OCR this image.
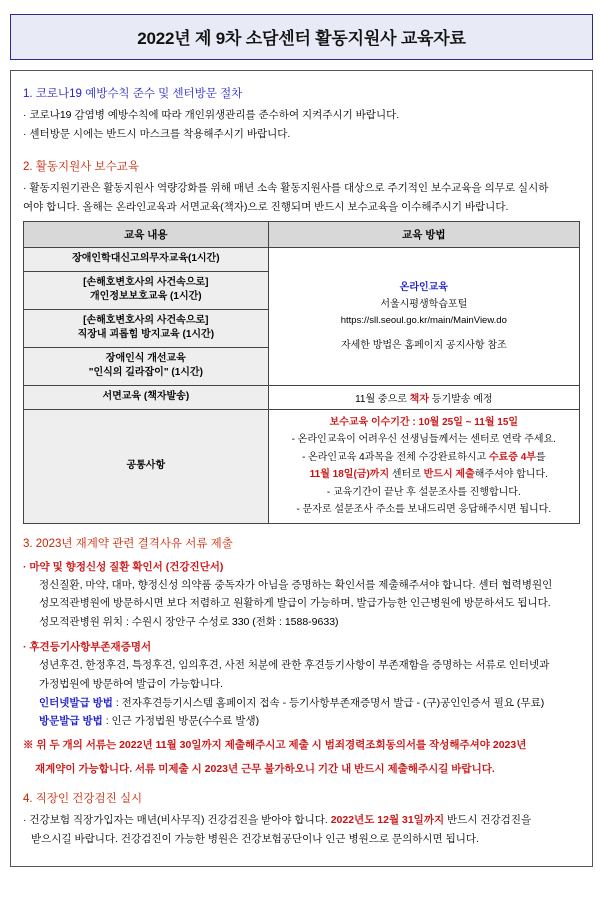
2022년 제 9차 소담센터 활동지원사 교육자료
1. 코로나19 예방수칙 준수 및 센터방문 절차
· 코로나19 감염병 예방수칙에 따라 개인위생관리를 준수하여 지켜주시기 바랍니다.
· 센터방문 시에는 반드시 마스크를 착용해주시기 바랍니다.
2. 활동지원사 보수교육
· 활동지원기관은 활동지원사 역량강화를 위해 매년 소속 활동지원사를 대상으로 주기적인 보수교육을 의무로 실시하
여야 합니다. 올해는 온라인교육과 서면교육(책자)으로 진행되며 반드시 보수교육을 이수해주시기 바랍니다.
교육 내용	교육 방법
장애인학대신고의무자교육(1시간)	온라인교육
서울시평생학습포털
https://sll.seoul.go.kr/main/MainView.do
자세한 방법은 홈페이지 공지사항 참조

[손해호변호사의 사건속으로]
개인정보보호교육 (1시간)	
[손해호변호사의 사건속으로]
직장내 괴롭힘 방지교육 (1시간)	
장애인식 개선교육
"인식의 길라잡이" (1시간)	
서면교육 (책자발송)	11월 중으로 책자 등기발송 예정
공통사항	
보수교육 이수기간 : 10월 25일 ~ 11월 15일
- 온라인교육이 어려우신 선생님들께서는 센터로 연락 주세요.
- 온라인교육 4과목을 전체 수강완료하시고 수료증 4부를
11월 18일(금)까지 센터로 반드시 제출해주셔야 합니다.
- 교육기간이 끝난 후 설문조사를 진행합니다.
- 문자로 설문조사 주소를 보내드리면 응답해주시면 됩니다.
3. 2023년 재계약 관련 결격사유 서류 제출
· 마약 및 향정신성 질환 확인서 (건강진단서)
정신질환, 마약, 대마, 향정신성 의약품 중독자가 아님을 증명하는 확인서를 제출해주셔야 합니다. 센터 협력병원인
성모적관병원에 방문하시면 보다 저렴하고 원활하게 발급이 가능하며, 발급가능한 인근병원에 방문하셔도 됩니다.
성모적관병원 위치 : 수원시 장안구 수성로 330 (전화 : 1588-9633)
· 후견등기사항부존재증명서
성년후견, 한정후견, 특정후견, 임의후견, 사전 처분에 관한 후견등기사항이 부존재함을 증명하는 서류로 인터넷과
가정법원에 방문하여 발급이 가능합니다.
인터넷발급 방법 : 전자후견등기시스템 홈페이지 접속 - 등기사항부존재증명서 발급 - (구)공인인증서 필요 (무료)
방문발급 방법 : 인근 가정법원 방문(수수료 발생)
※ 위 두 개의 서류는 2022년 11월 30일까지 제출해주시고 제출 시 범죄경력조회동의서를 작성해주셔야 2023년
재계약이 가능합니다. 서류 미제출 시 2023년 근무 불가하오니 기간 내 반드시 제출해주시길 바랍니다.
4. 직장인 건강검진 실시
· 건강보험 직장가입자는 매년(비사무직) 건강검진을 받아야 합니다. 2022년도 12월 31일까지 반드시 건강검진을
받으시길 바랍니다. 건강검진이 가능한 병원은 건강보험공단이나 인근 병원으로 문의하시면 됩니다.
